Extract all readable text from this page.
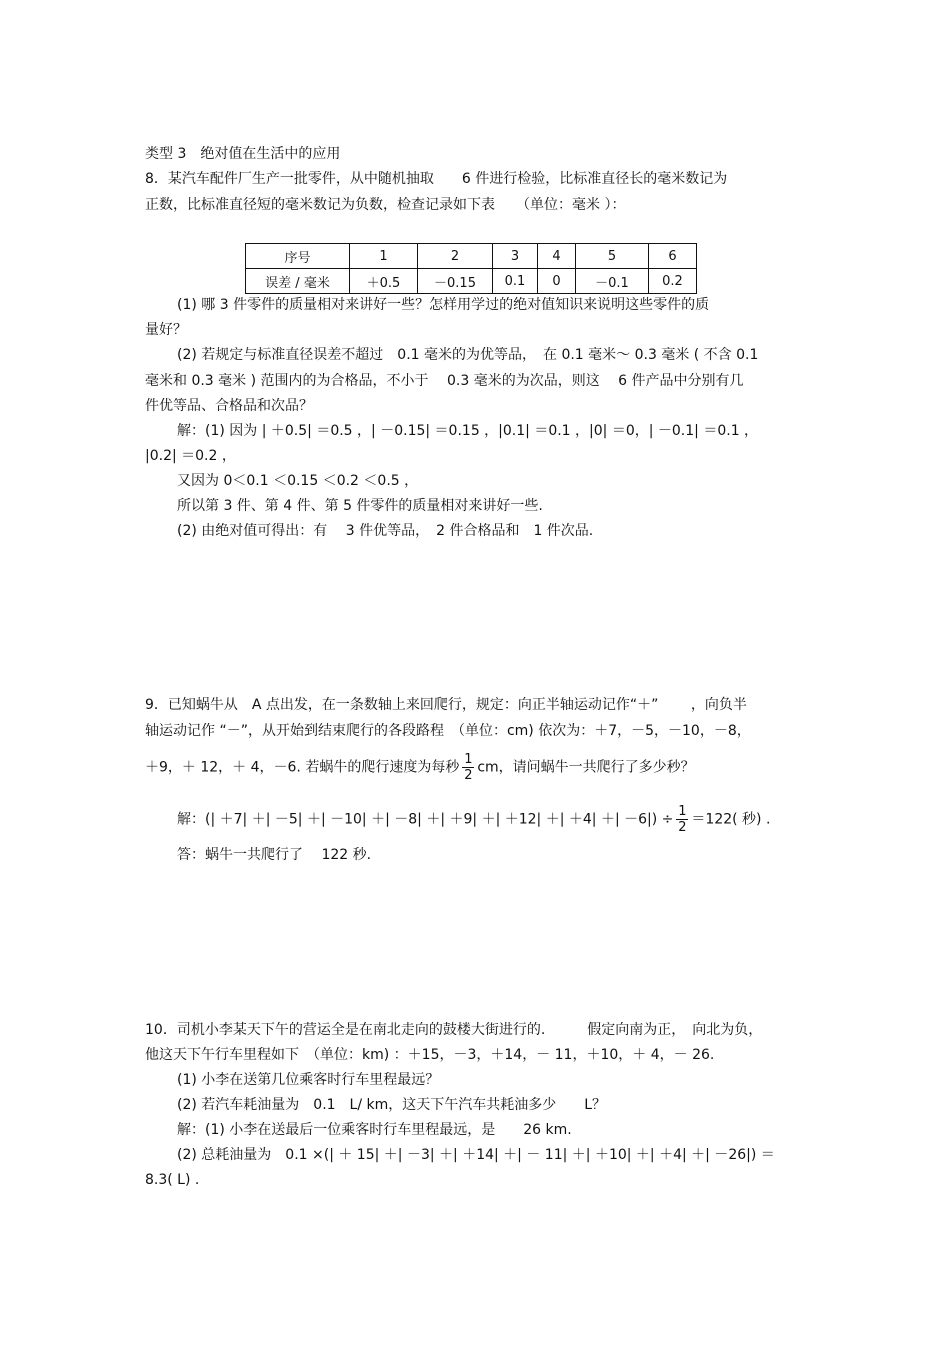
类型 3　绝对值在生活中的应用
8．某汽车配件厂生产一批零件，从中随机抽取　　6 件进行检验，比标准直径长的毫米数记为
正数，比标准直径短的毫米数记为负数，检查记录如下表　　（单位：毫米 ）：
序号	1	2	3	4	5	6
误差 / 毫米	＋0.5	－0.15	0.1	0	－0.1	0.2
(1) 哪 3 件零件的质量相对来讲好一些？怎样用学过的绝对值知识来说明这些零件的质
量好？
(2) 若规定与标准直径误差不超过　0.1 毫米的为优等品，　在 0.1 毫米～ 0.3 毫米 ( 不含 0.1
毫米和 0.3 毫米 ) 范围内的为合格品，不小于　 0.3 毫米的为次品，则这　 6 件产品中分别有几
件优等品、合格品和次品？
解：(1) 因为 | ＋0.5| ＝0.5 ，| －0.15| ＝0.15 ，|0.1| ＝0.1 ，|0| ＝0，| －0.1| ＝0.1 ，
|0.2| ＝0.2 ，
又因为 0＜0.1 ＜0.15 ＜0.2 ＜0.5 ，
所以第 3 件、第 4 件、第 5 件零件的质量相对来讲好一些.
(2) 由绝对值可得出：有　 3 件优等品，　2 件合格品和　1 件次品.
9．已知蜗牛从　A 点出发，在一条数轴上来回爬行，规定：向正半轴运动记作“＋”　　 ，向负半
轴运动记作 “－”，从开始到结束爬行的各段路程　（单位：cm) 依次为：＋7，－5，－10，－8，
＋9，＋ 12，＋ 4，－6. 若蜗牛的爬行速度为每秒 $\frac{1}{2}$ cm，请问蜗牛一共爬行了多少秒？
解：(| ＋7| ＋| －5| ＋| －10| ＋| －8| ＋| ＋9| ＋| ＋12| ＋| ＋4| ＋| $-6|) \div \frac{1}{2} =122$( 秒) .
答：蜗牛一共爬行了　 122 秒.
10．司机小李某天下午的营运全是在南北走向的鼓楼大街进行的.　　　假定向南为正，　向北为负，
他这天下午行车里程如下　（单位：km) ：＋15，－3，＋14，－ 11，＋10，＋ 4，－ 26.
(1) 小李在送第几位乘客时行车里程最远？
(2) 若汽车耗油量为　0.1　L/ km，这天下午汽车共耗油多少　　L？
解：(1) 小李在送最后一位乘客时行车里程最远，是　　26 km.
(2) 总耗油量为　0.1 ×(| ＋ 15| ＋| －3| ＋| ＋14| ＋| － 11| ＋| ＋10| ＋| ＋4| ＋| －26|) ＝
8.3( L) .
